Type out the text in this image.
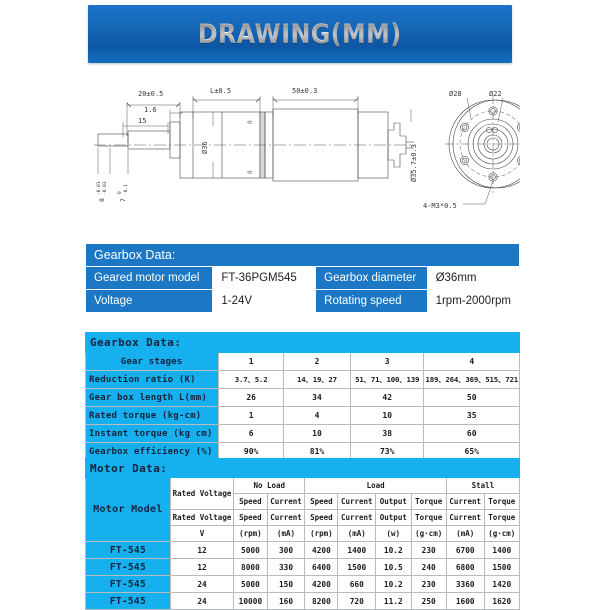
DRAWING(MM)
20±0.5	L±0.5	50±0.3
1.6
15
Ø36
0
0	Ø35.7±0.3
8
-0.01 -0.03
7
0 -0.1
Ø28	Ø22
4-M3*0.5
Gearbox Data:			
Geared motor model	FT-36PGM545	Gearbox diameter	Ø36mm
Voltage	1-24V	Rotating speed	1rpm-2000rpm
Gearbox Data:				
Gear stages	1	2	3	4
Reduction ratio (K)	3.7、5.2	14、19、27	51、71、100、139	189、264、369、515、721
Gear box length L(mm)	26	34	42	50
Rated torque (kg-cm)	1	4	10	35
Instant torque (kg cm)	6	10	38	60
Gearbox efficiency (%)	90%	81%	73%	65%
Motor Data:									
Motor Model	Rated Voltage	No Load		Load				Stall	
		Speed	Current	Speed	Current	Output	Torque	Current	Torque
	Rated Voltage	Speed	Current	Speed	Current	Output	Torque	Current	Torque
	V	(rpm)	(mA)	(rpm)	(mA)	(w)	(g·cm)	(mA)	(g·cm)
FT-545	12	5000	300	4200	1400	10.2	230	6700	1400
FT-545	12	8000	330	6400	1500	10.5	240	6800	1500
FT-545	24	5000	150	4200	660	10.2	230	3360	1420
FT-545	24	10000	160	8200	720	11.2	250	1600	1620
